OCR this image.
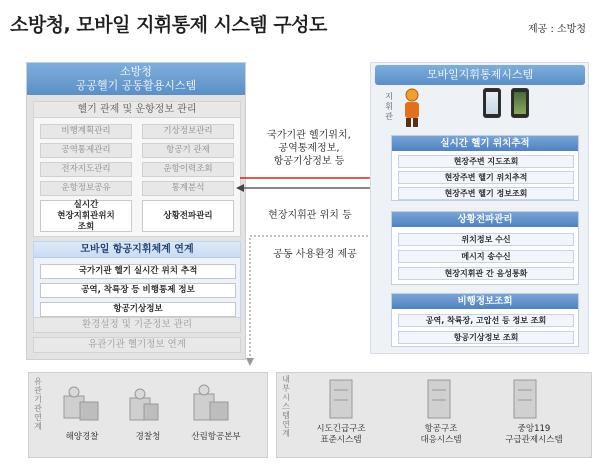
소방청, 모바일 지휘통제 시스템 구성도	제공 : 소방청
소방청
공공헬기 공동활용시스템
헬기 관제 및 운항정보 관리
비행계획관리	기상정보관리
공역통제관리	항공기 관제
전자지도관리	운항이력조회
운항정보공유	통계분석
실시간
현장지휘관위치
조회
상황전파관리
모바일 항공지휘체계 연계
국가기관 헬기 실시간 위치 추적
공역, 착륙장 등 비행통제 정보
항공기상정보
환경설정 및 기준정보 관리
유관기관 헬기정보 연계
국가기관 헬기위치,
공역통제정보,
항공기상정보 등
현장지휘관 위치 등
공동 사용환경 제공
모바일지휘통제시스템
실시간 헬기 위치추적
현장주변 지도조회
현장주변 헬기 위치추적
현장주변 헬기 정보조회
상황전파관리
위치정보 수신
메시지 송수신
현장지휘관 간 음성통화
비행정보조회
공역, 착륙장, 고압선 등 정보 조회
항공기상정보 조회
지휘관
유관기관연계
해양경찰	경찰청	산림항공본부
내부시스템연계	시도긴급구조
표준시스템
항공구조
대응시스템
중앙119
구급관제시스템
